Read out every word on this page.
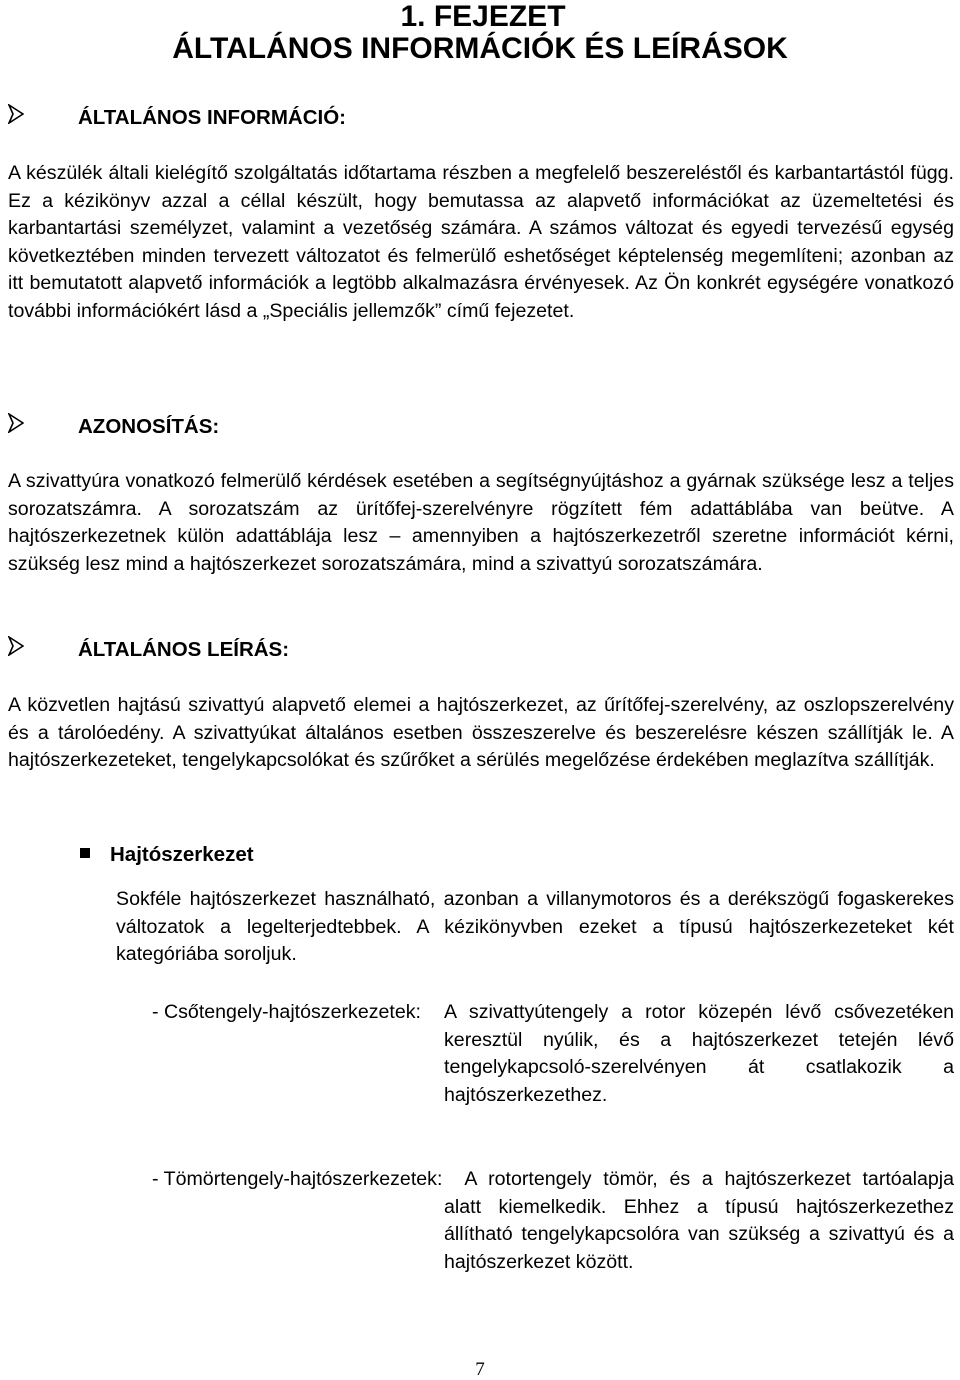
1. FEJEZET
ÁLTALÁNOS INFORMÁCIÓK ÉS LEÍRÁSOK
ÁLTALÁNOS INFORMÁCIÓ:
A készülék általi kielégítő szolgáltatás időtartama részben a megfelelő beszereléstől és karbantartástól függ. Ez a kézikönyv azzal a céllal készült, hogy bemutassa az alapvető információkat az üzemeltetési és karbantartási személyzet, valamint a vezetőség számára. A számos változat és egyedi tervezésű egység következtében minden tervezett változatot és felmerülő eshetőséget képtelenség megemlíteni; azonban az itt bemutatott alapvető információk a legtöbb alkalmazásra érvényesek. Az Ön konkrét egységére vonatkozó további információkért lásd a „Speciális jellemzők” című fejezetet.
AZONOSÍTÁS:
A szivattyúra vonatkozó felmerülő kérdések esetében a segítségnyújtáshoz a gyárnak szüksége lesz a teljes sorozatszámra. A sorozatszám az ürítőfej-szerelvényre rögzített fém adattáblába van beütve. A hajtószerkezetnek külön adattáblája lesz – amennyiben a hajtószerkezetről szeretne információt kérni, szükség lesz mind a hajtószerkezet sorozatszámára, mind a szivattyú sorozatszámára.
ÁLTALÁNOS LEÍRÁS:
A közvetlen hajtású szivattyú alapvető elemei a hajtószerkezet, az űrítőfej-szerelvény, az oszlopszerelvény és a tárolóedény. A szivattyúkat általános esetben összeszerelve és beszerelésre készen szállítják le. A hajtószerkezeteket, tengelykapcsolókat és szűrőket a sérülés megelőzése érdekében meglazítva szállítják.
Hajtószerkezet
Sokféle hajtószerkezet használható, azonban a villanymotoros és a derékszögű fogaskerekes változatok a legelterjedtebbek. A kézikönyvben ezeket a típusú hajtószerkezeteket két kategóriába soroljuk.
- Csőtengely-hajtószerkezetek: A szivattyútengely a rotor közepén lévő csővezetéken keresztül nyúlik, és a hajtószerkezet tetején lévő tengelykapcsoló-szerelvényen át csatlakozik a hajtószerkezethez.
- Tömörtengely-hajtószerkezetek:	A rotortengely tömör, és a hajtószerkezet tartóalapja alatt kiemelkedik. Ehhez a típusú hajtószerkezethez állítható tengelykapcsolóra van szükség a szivattyú és a hajtószerkezet között.
7
